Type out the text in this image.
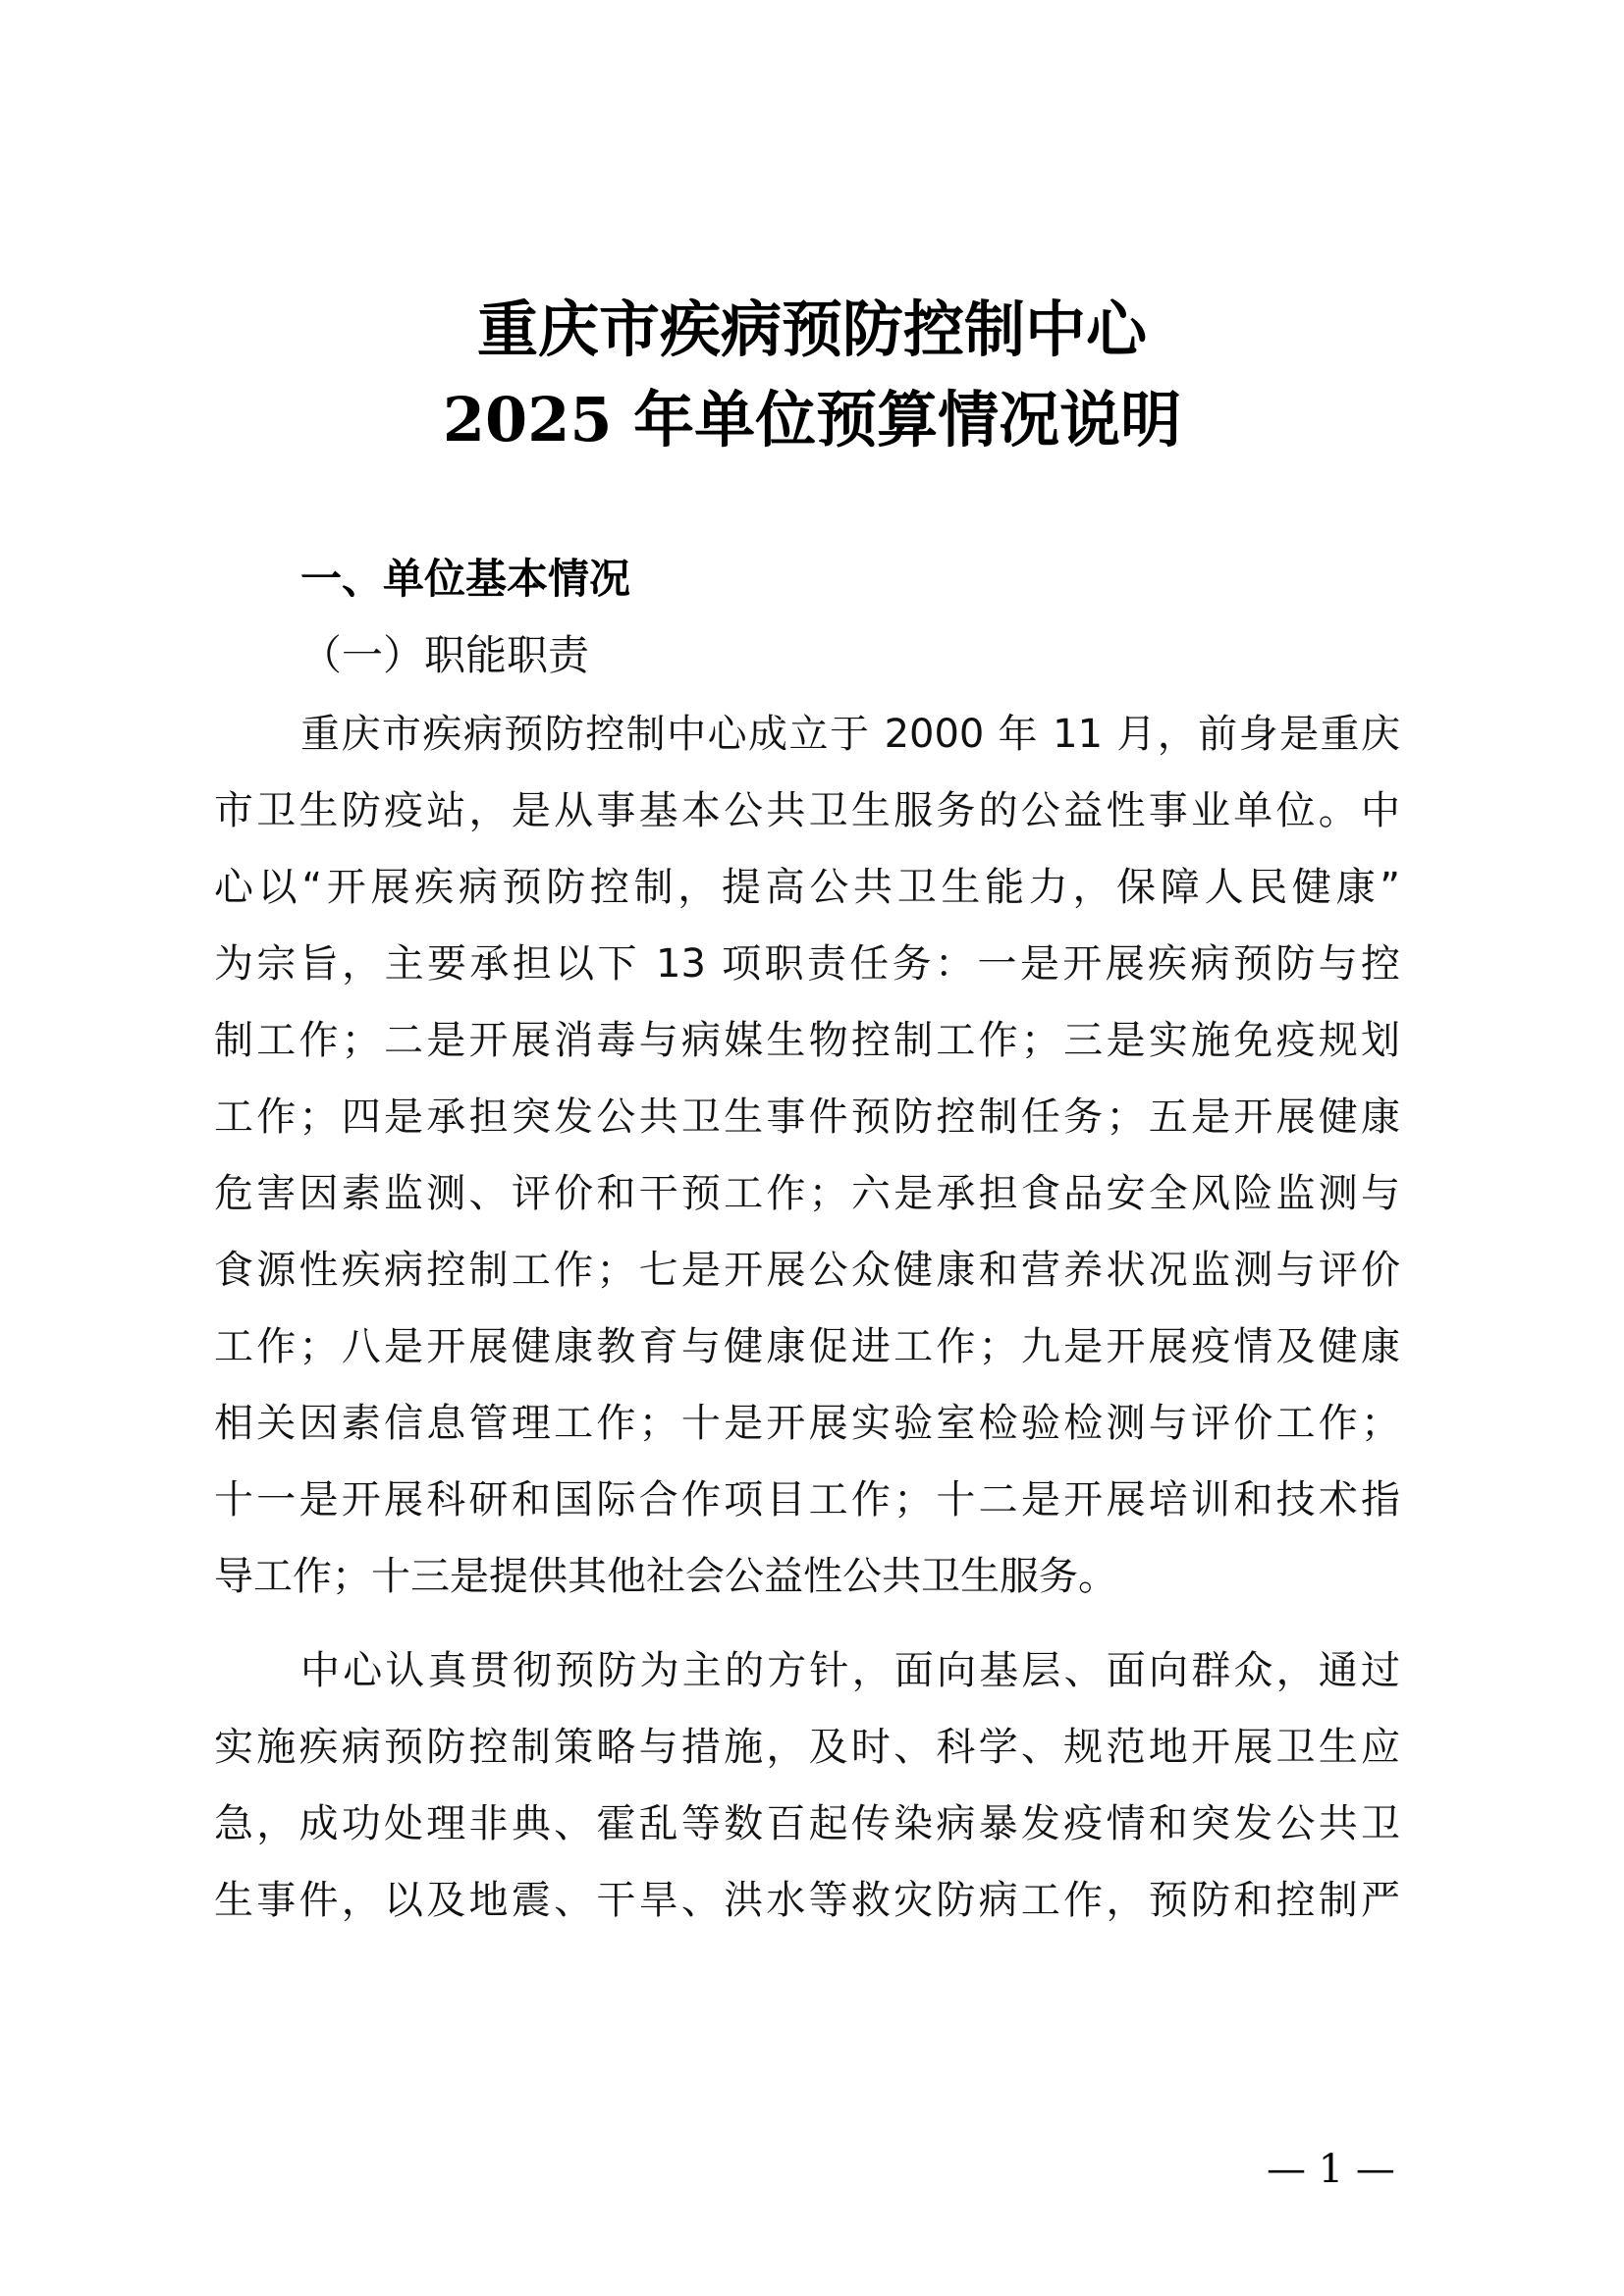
重庆市疾病预防控制中心
2025 年单位预算情况说明
一、单位基本情况
（一）职能职责
重庆市疾病预防控制中心成立于 2000 年 11 月，前身是重庆
市卫生防疫站，是从事基本公共卫生服务的公益性事业单位。中
心以“开展疾病预防控制，提高公共卫生能力，保障人民健康”
为宗旨，主要承担以下 13 项职责任务：一是开展疾病预防与控
制工作；二是开展消毒与病媒生物控制工作；三是实施免疫规划
工作；四是承担突发公共卫生事件预防控制任务；五是开展健康
危害因素监测、评价和干预工作；六是承担食品安全风险监测与
食源性疾病控制工作；七是开展公众健康和营养状况监测与评价
工作；八是开展健康教育与健康促进工作；九是开展疫情及健康
相关因素信息管理工作；十是开展实验室检验检测与评价工作；
十一是开展科研和国际合作项目工作；十二是开展培训和技术指
导工作；十三是提供其他社会公益性公共卫生服务。
中心认真贯彻预防为主的方针，面向基层、面向群众，通过
实施疾病预防控制策略与措施，及时、科学、规范地开展卫生应
急，成功处理非典、霍乱等数百起传染病暴发疫情和突发公共卫
生事件，以及地震、干旱、洪水等救灾防病工作，预防和控制严
— 1 —
